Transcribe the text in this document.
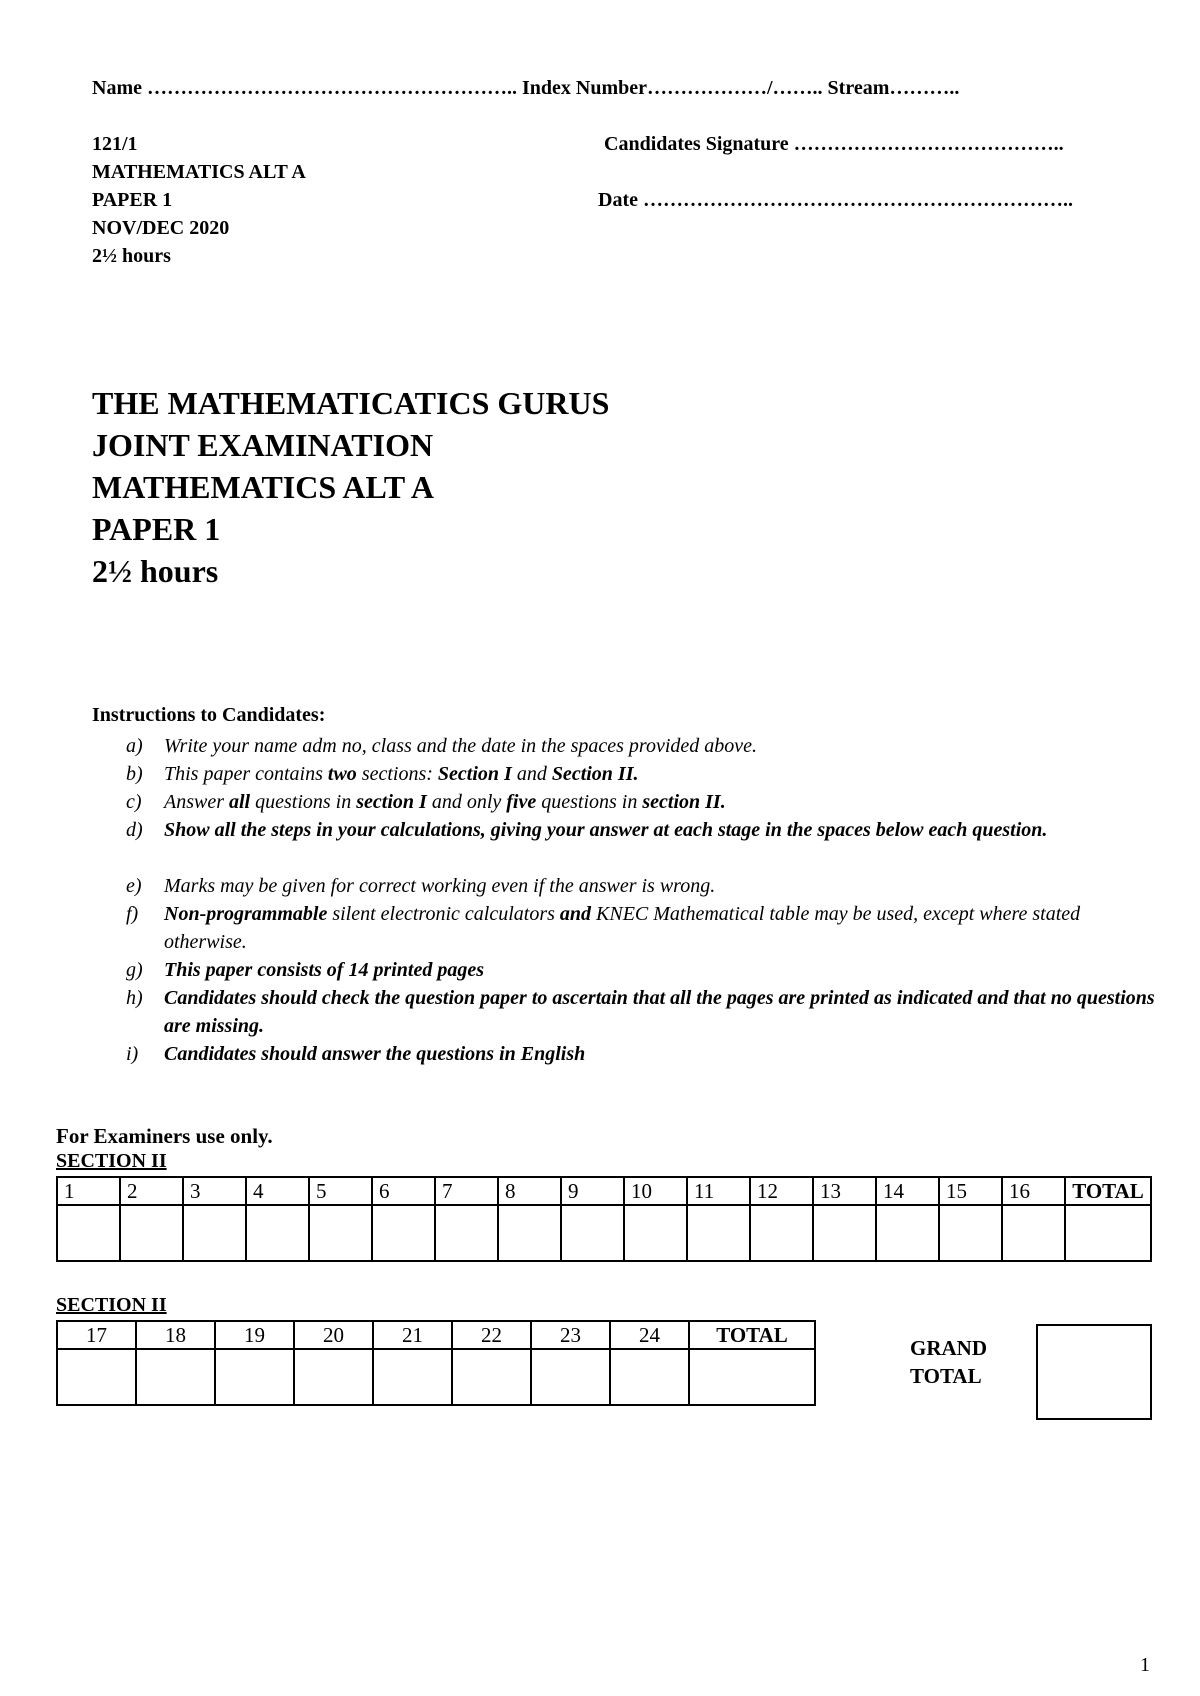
Name ……………………………………………….. Index Number………………/…….. Stream………..
121/1
MATHEMATICS ALT A
PAPER 1
NOV/DEC 2020
2½ hours
Candidates Signature …………………………………..
Date ………………………………………………………..
THE MATHEMATICATICS GURUS
JOINT EXAMINATION
MATHEMATICS ALT A
PAPER 1
2½ hours
Instructions to Candidates:
a) Write your name adm no, class and the date in the spaces provided above.
b) This paper contains two sections: Section I and Section II.
c) Answer all questions in section I and only five questions in section II.
d) Show all the steps in your calculations, giving your answer at each stage in the spaces below each question.
e) Marks may be given for correct working even if the answer is wrong.
f) Non-programmable silent electronic calculators and KNEC Mathematical table may be used, except where stated otherwise.
g) This paper consists of 14 printed pages
h) Candidates should check the question paper to ascertain that all the pages are printed as indicated and that no questions are missing.
i) Candidates should answer the questions in English
For Examiners use only.
SECTION II
1	2	3	4	5	6	7	8	9	10	11	12	13	14	15	16	TOTAL

SECTION II
17	18	19	20	21	22	23	24	TOTAL

GRAND
TOTAL
1
